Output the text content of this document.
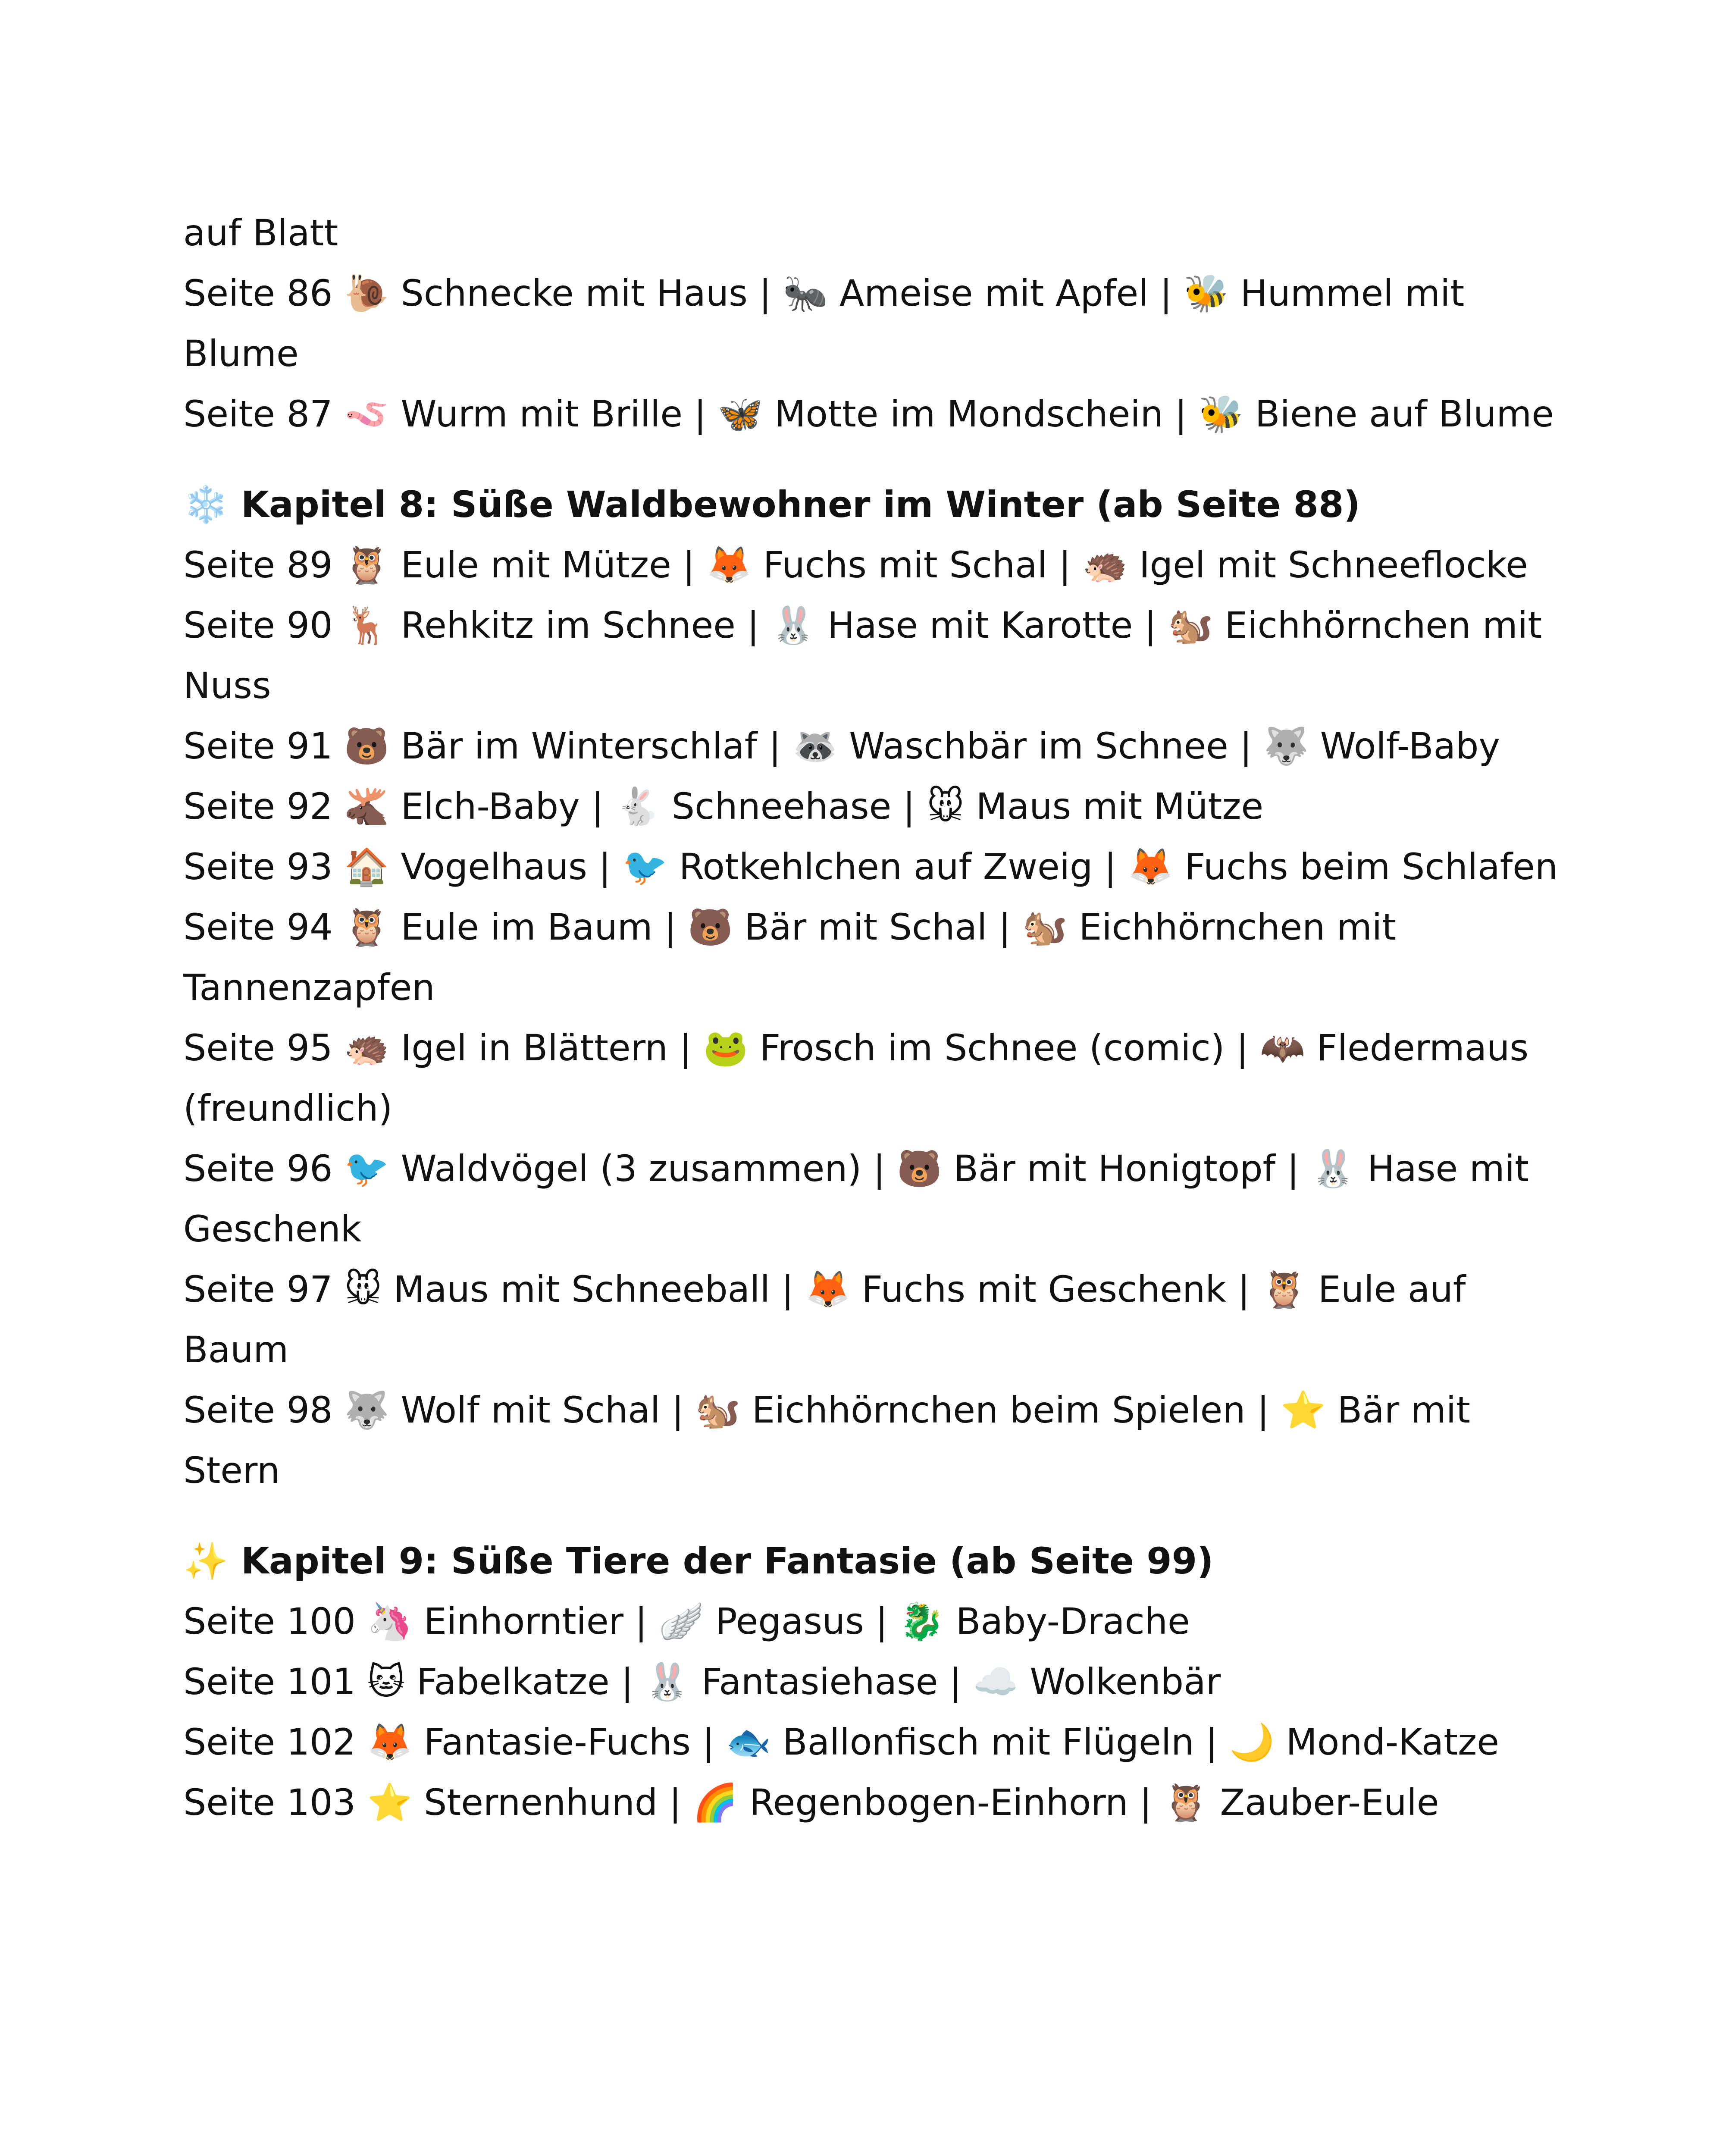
auf Blatt

Seite 86 🐌 Schnecke mit Haus | 🐜 Ameise mit Apfel | 🐝 Hummel mit Blume

Seite 87 🪱 Wurm mit Brille | 🦋 Motte im Mondschein | 🐝 Biene auf Blume

❄️ Kapitel 8: Süße Waldbewohner im Winter (ab Seite 88)

Seite 89 🦉 Eule mit Mütze | 🦊 Fuchs mit Schal | 🦔 Igel mit Schneeflocke

Seite 90 🦌 Rehkitz im Schnee | 🐰 Hase mit Karotte | 🐿️ Eichhörnchen mit Nuss

Seite 91 🐻 Bär im Winterschlaf | 🦝 Waschbär im Schnee | 🐺 Wolf-Baby

Seite 92 🫎 Elch-Baby | 🐇 Schneehase | 🐭 Maus mit Mütze

Seite 93 🏠 Vogelhaus | 🐦 Rotkehlchen auf Zweig | 🦊 Fuchs beim Schlafen

Seite 94 🦉 Eule im Baum | 🐻 Bär mit Schal | 🐿️ Eichhörnchen mit Tannenzapfen

Seite 95 🦔 Igel in Blättern | 🐸 Frosch im Schnee (comic) | 🦇 Fledermaus (freundlich)

Seite 96 🐦 Waldvögel (3 zusammen) | 🐻 Bär mit Honigtopf | 🐰 Hase mit Geschenk

Seite 97 🐭 Maus mit Schneeball | 🦊 Fuchs mit Geschenk | 🦉 Eule auf Baum

Seite 98 🐺 Wolf mit Schal | 🐿️ Eichhörnchen beim Spielen | ⭐ Bär mit Stern

✨ Kapitel 9: Süße Tiere der Fantasie (ab Seite 99)

Seite 100 🦄 Einhorntier | 🪽 Pegasus | 🐉 Baby-Drache

Seite 101 🐱 Fabelkatze | 🐰 Fantasiehase | ☁️ Wolkenbär

Seite 102 🦊 Fantasie-Fuchs | 🐟 Ballonfisch mit Flügeln | 🌙 Mond-Katze

Seite 103 ⭐ Sternenhund | 🌈 Regenbogen-Einhorn | 🦉 Zauber-Eule
